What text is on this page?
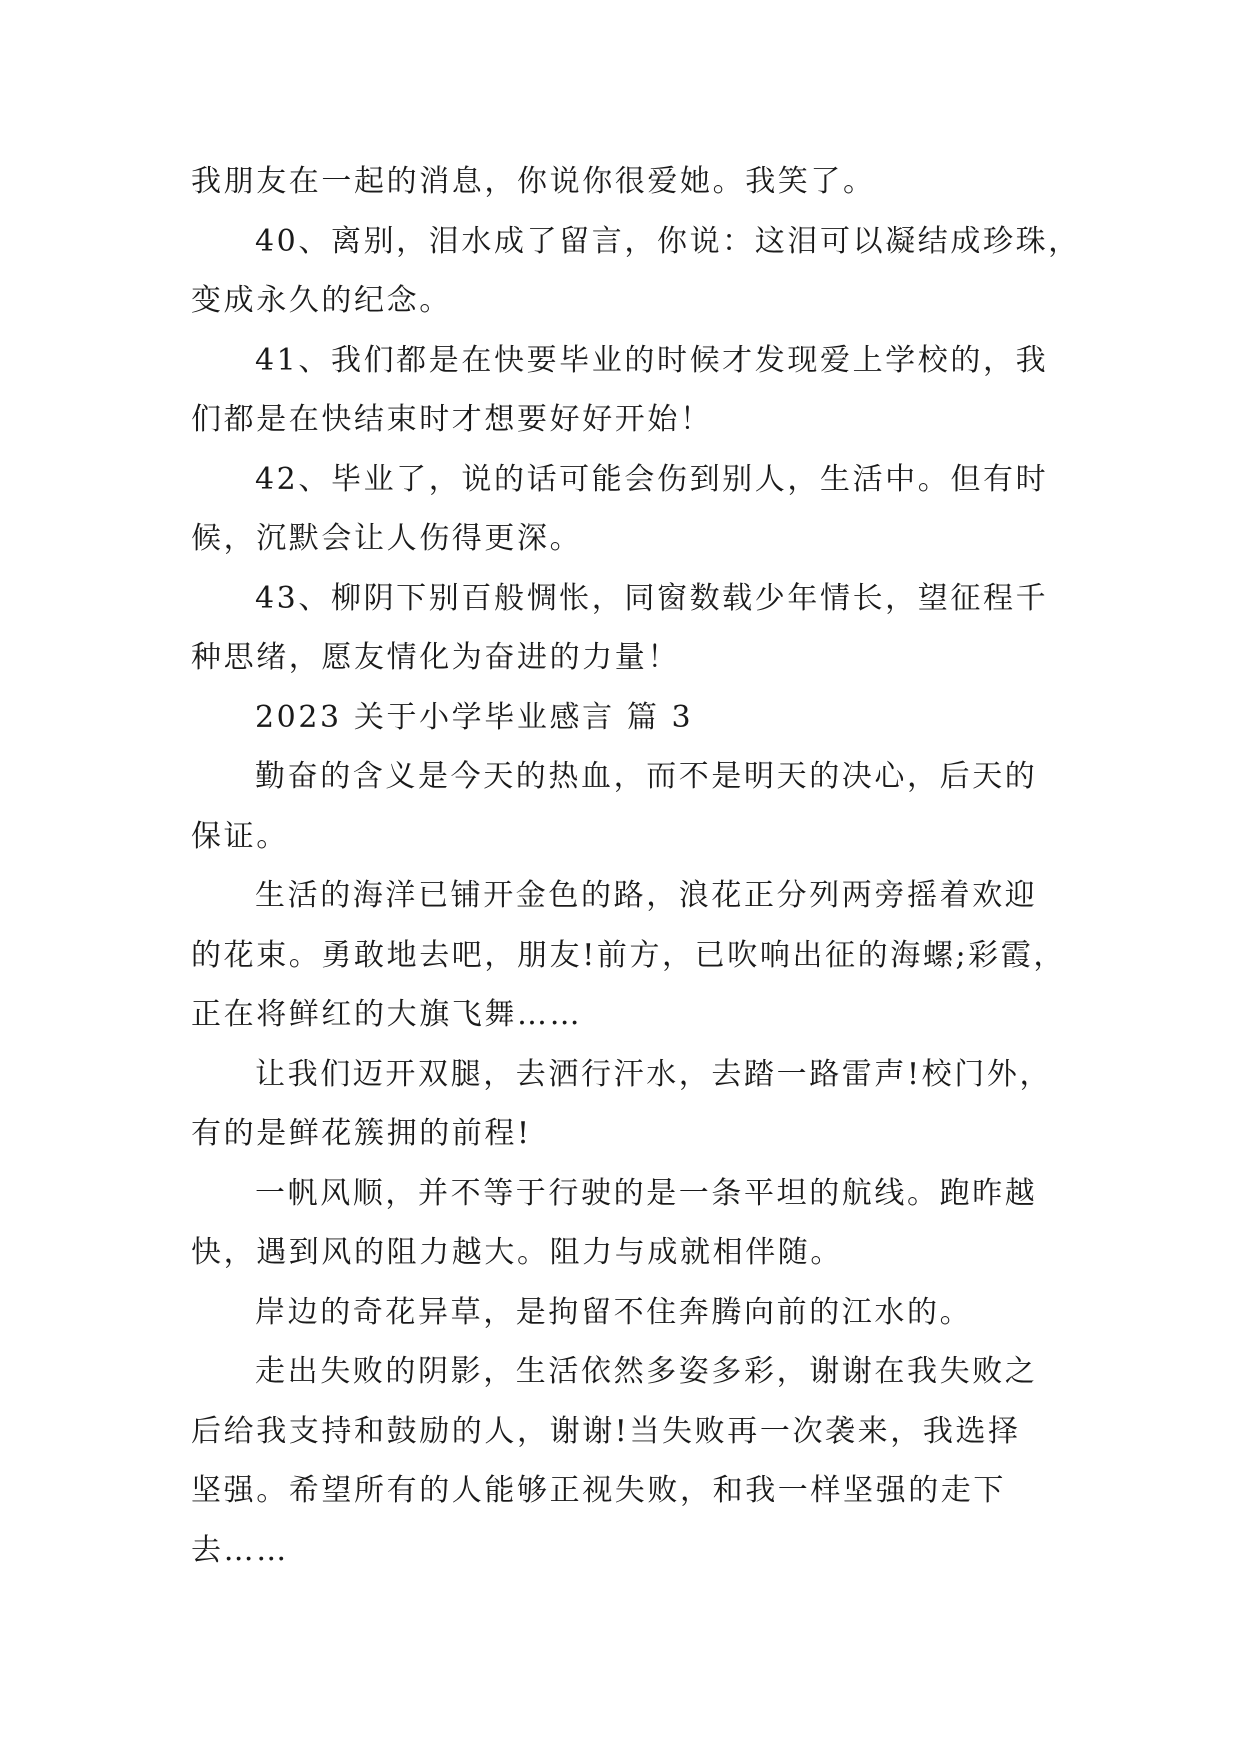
我朋友在一起的消息，你说你很爱她。我笑了。

40、离别，泪水成了留言，你说：这泪可以凝结成珍珠，

变成永久的纪念。

41、我们都是在快要毕业的时候才发现爱上学校的，我

们都是在快结束时才想要好好开始！

42、毕业了，说的话可能会伤到别人，生活中。但有时

候，沉默会让人伤得更深。

43、柳阴下别百般惆怅，同窗数载少年情长，望征程千

种思绪，愿友情化为奋进的力量！

2023 关于小学毕业感言 篇 3

勤奋的含义是今天的热血，而不是明天的决心，后天的

保证。

生活的海洋已铺开金色的路，浪花正分列两旁摇着欢迎

的花束。勇敢地去吧，朋友!前方，已吹响出征的海螺;彩霞，

正在将鲜红的大旗飞舞……

让我们迈开双腿，去洒行汗水，去踏一路雷声!校门外，

有的是鲜花簇拥的前程!

一帆风顺，并不等于行驶的是一条平坦的航线。跑昨越

快，遇到风的阻力越大。阻力与成就相伴随。

岸边的奇花异草，是拘留不住奔腾向前的江水的。

走出失败的阴影，生活依然多姿多彩，谢谢在我失败之

后给我支持和鼓励的人，谢谢!当失败再一次袭来，我选择

坚强。希望所有的人能够正视失败，和我一样坚强的走下

去……
